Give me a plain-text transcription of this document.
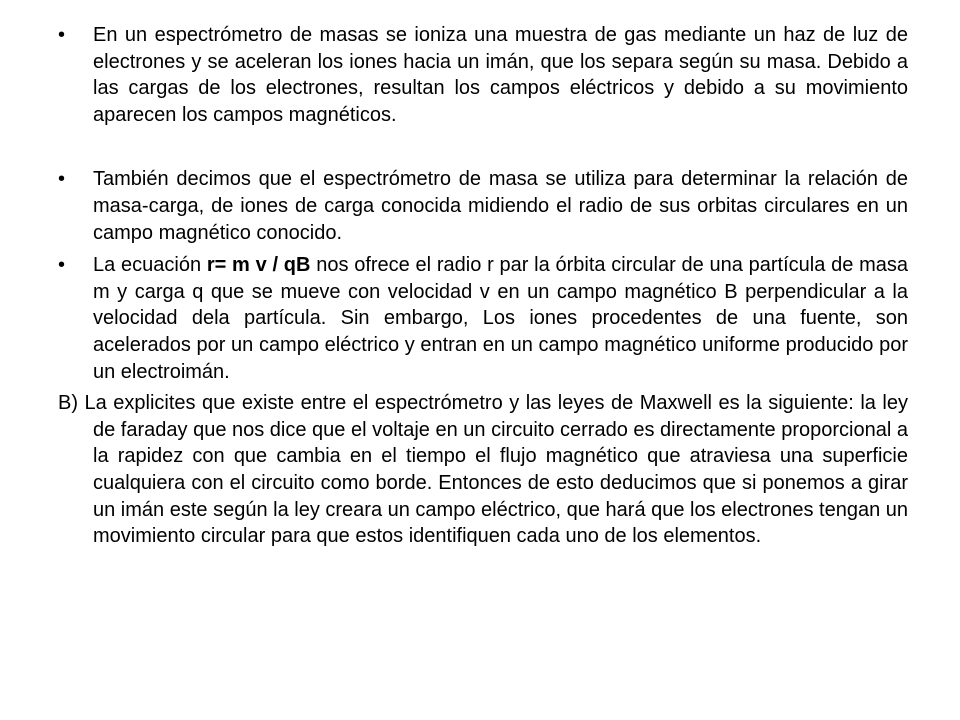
•	En un espectrómetro de masas se ioniza una muestra de gas mediante un haz de luz de electrones y se aceleran los iones hacia un imán, que los separa según su masa. Debido a las cargas de los electrones, resultan los campos eléctricos y debido a su movimiento aparecen los campos magnéticos.
•	También decimos que el espectrómetro de masa se utiliza para determinar la relación de masa-carga, de iones de carga conocida midiendo el radio de sus orbitas circulares en un campo magnético conocido.
•	La ecuación r= m v / qB nos ofrece el radio r par la órbita circular de una partícula de masa m y carga q que se mueve con velocidad v en un campo magnético B perpendicular a la velocidad dela partícula. Sin embargo, Los iones procedentes de una fuente, son acelerados por un campo eléctrico y entran en un campo magnético uniforme producido por un electroimán.
B) La explicites que existe entre el espectrómetro y las leyes de Maxwell es la siguiente: la ley de faraday que nos dice que el voltaje en un circuito cerrado es directamente proporcional a la rapidez con que cambia en el tiempo el flujo magnético que atraviesa una superficie cualquiera con el circuito como borde. Entonces de esto deducimos que si ponemos a girar un imán este según la ley creara un campo eléctrico, que hará que los electrones tengan un movimiento circular para que estos identifiquen cada uno de los elementos.
